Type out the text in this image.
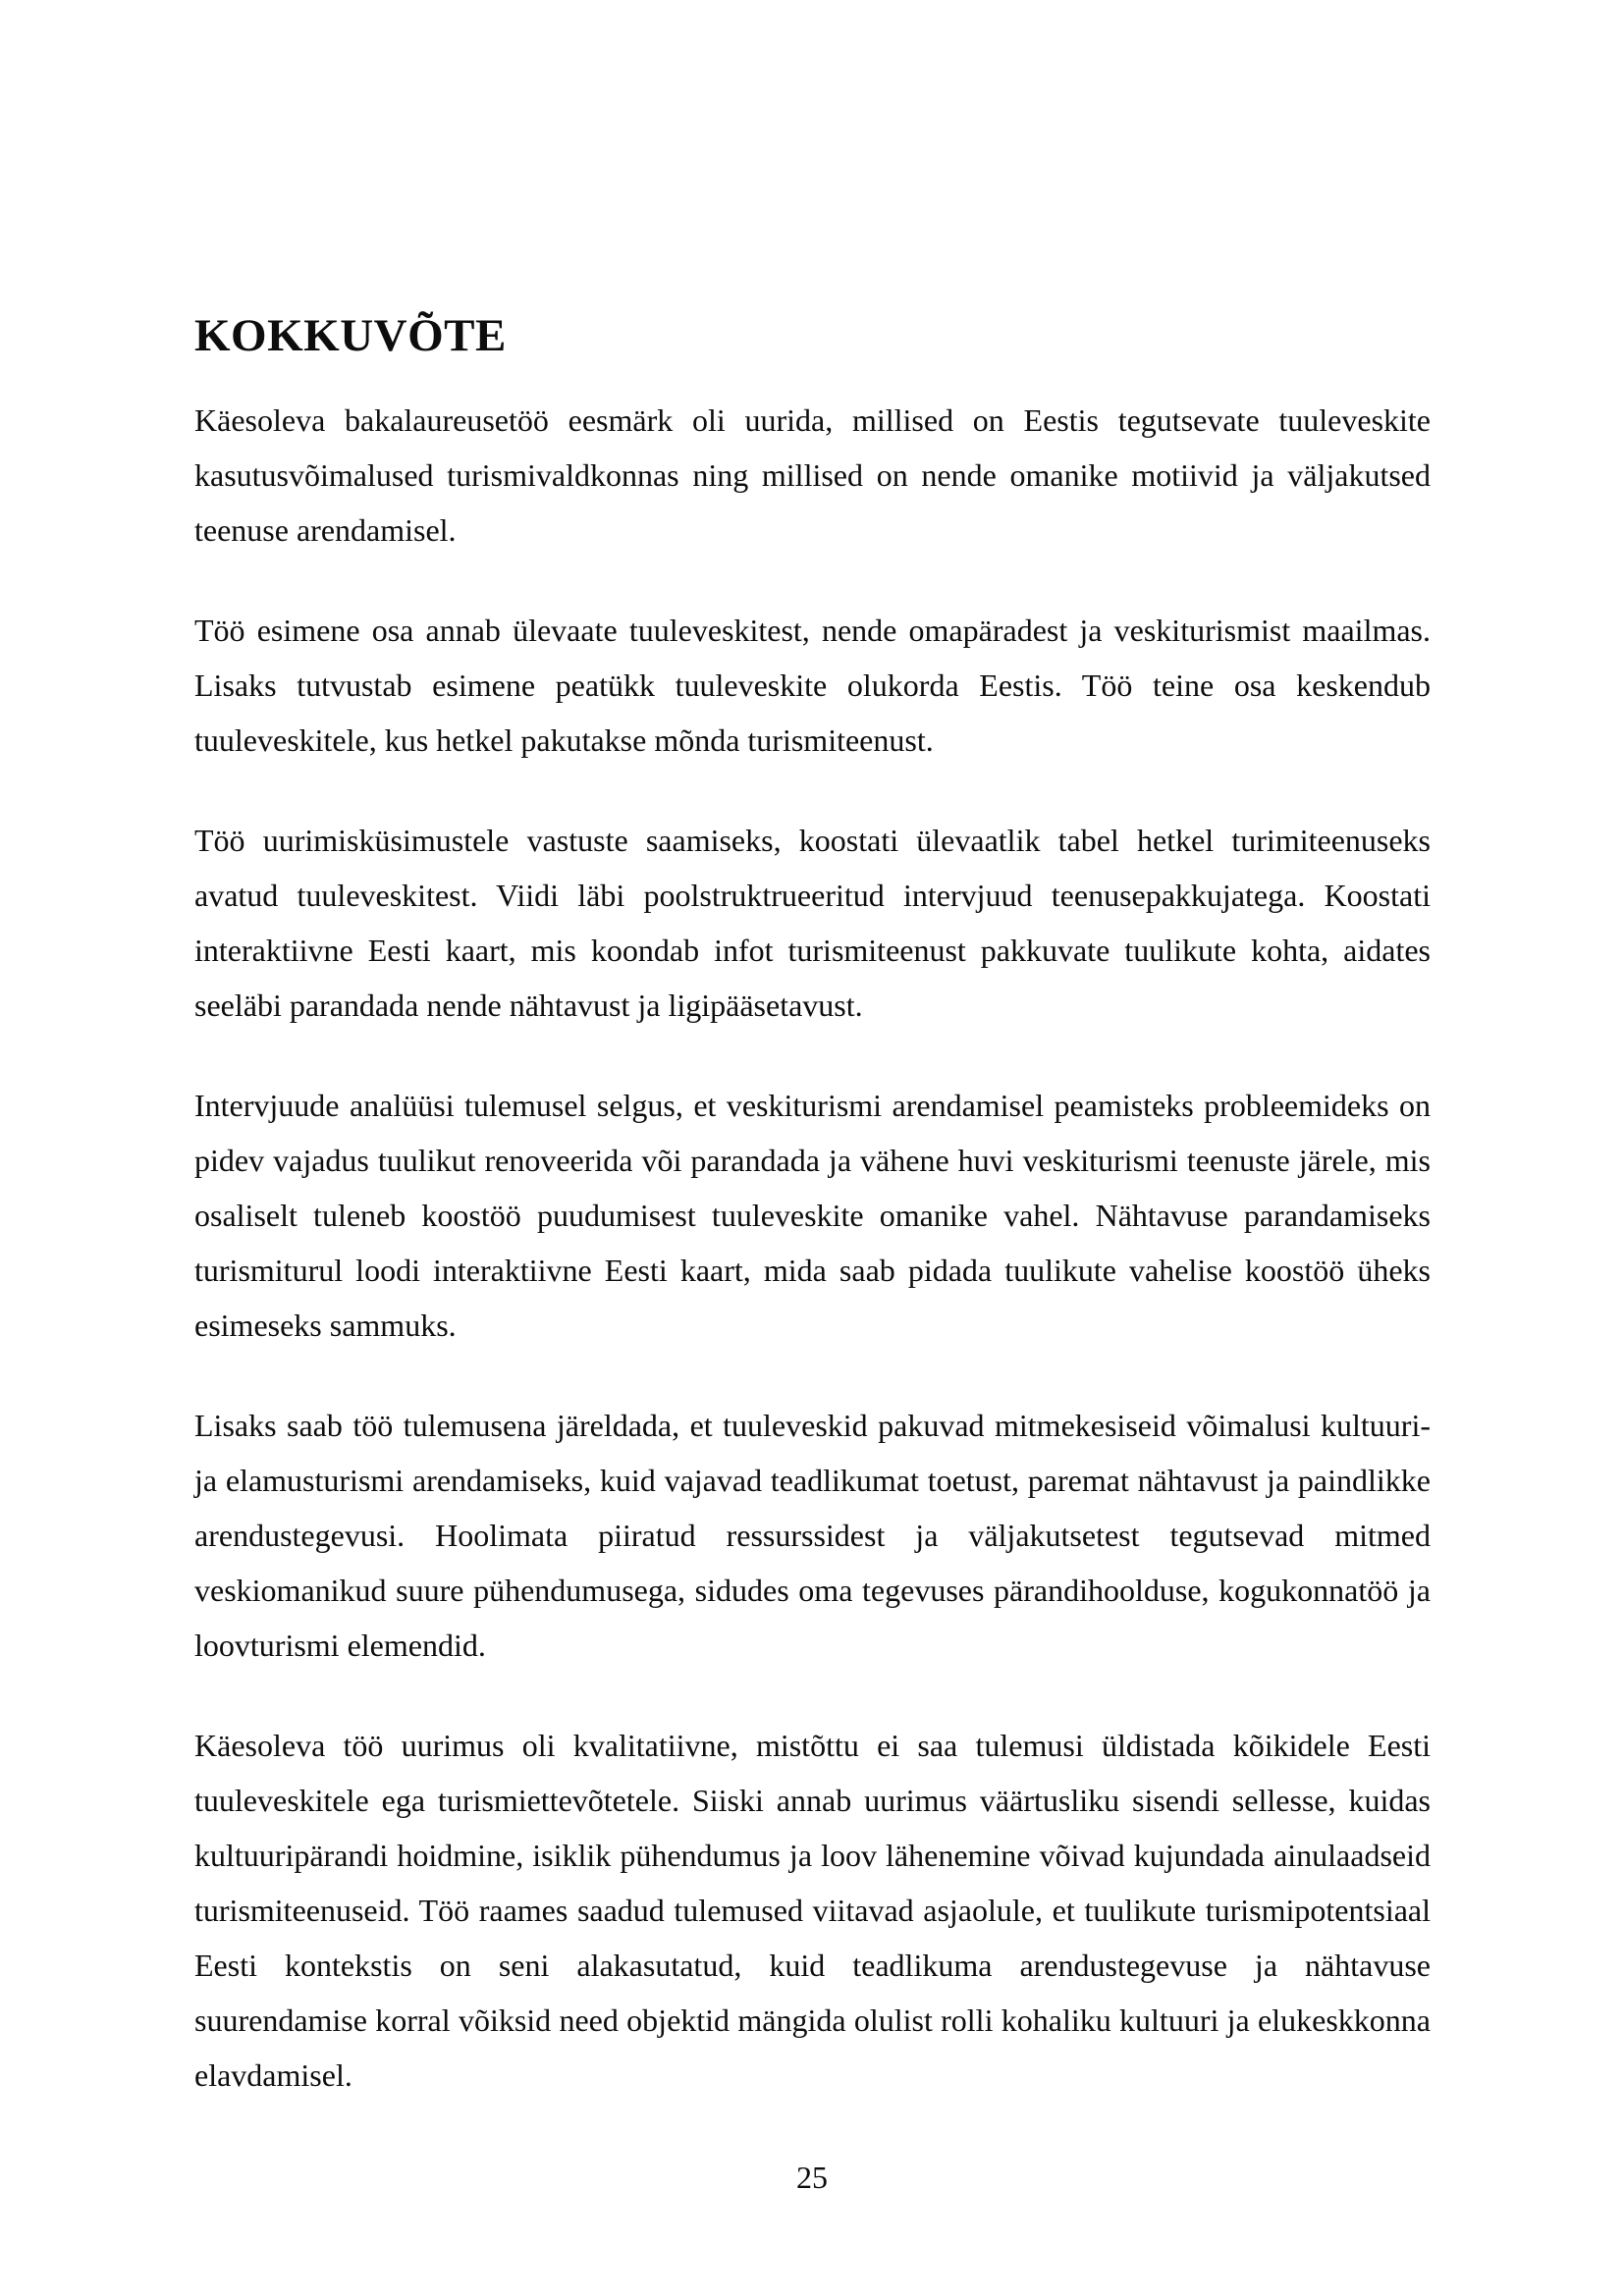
KOKKUVÕTE

Käesoleva bakalaureusetöö eesmärk oli uurida, millised on Eestis tegutsevate tuuleveskite kasutusvõimalused turismivaldkonnas ning millised on nende omanike motiivid ja väljakutsed teenuse arendamisel.

Töö esimene osa annab ülevaate tuuleveskitest, nende omapäradest ja veskiturismist maailmas. Lisaks tutvustab esimene peatükk tuuleveskite olukorda Eestis. Töö teine osa keskendub tuuleveskitele, kus hetkel pakutakse mõnda turismiteenust.

Töö uurimisküsimustele vastuste saamiseks, koostati ülevaatlik tabel hetkel turimiteenuseks avatud tuuleveskitest. Viidi läbi poolstruktrueeritud intervjuud teenusepakkujatega. Koostati interaktiivne Eesti kaart, mis koondab infot turismiteenust pakkuvate tuulikute kohta, aidates seeläbi parandada nende nähtavust ja ligipääsetavust.

Intervjuude analüüsi tulemusel selgus, et veskiturismi arendamisel peamisteks probleemideks on pidev vajadus tuulikut renoveerida või parandada ja vähene huvi veskiturismi teenuste järele, mis osaliselt tuleneb koostöö puudumisest tuuleveskite omanike vahel. Nähtavuse parandamiseks turismiturul loodi interaktiivne Eesti kaart, mida saab pidada tuulikute vahelise koostöö üheks esimeseks sammuks.

Lisaks saab töö tulemusena järeldada, et tuuleveskid pakuvad mitmekesiseid võimalusi kultuuri- ja elamusturismi arendamiseks, kuid vajavad teadlikumat toetust, paremat nähtavust ja paindlikke arendustegevusi. Hoolimata piiratud ressurssidest ja väljakutsetest tegutsevad mitmed veskiomanikud suure pühendumusega, sidudes oma tegevuses pärandihoolduse, kogukonnatöö ja loovturismi elemendid.

Käesoleva töö uurimus oli kvalitatiivne, mistõttu ei saa tulemusi üldistada kõikidele Eesti tuuleveskitele ega turismiettevõtetele. Siiski annab uurimus väärtusliku sisendi sellesse, kuidas kultuuripärandi hoidmine, isiklik pühendumus ja loov lähenemine võivad kujundada ainulaadseid turismiteenuseid. Töö raames saadud tulemused viitavad asjaolule, et tuulikute turismipotentsiaal Eesti kontekstis on seni alakasutatud, kuid teadlikuma arendustegevuse ja nähtavuse suurendamise korral võiksid need objektid mängida olulist rolli kohaliku kultuuri ja elukeskkonna elavdamisel.

25
